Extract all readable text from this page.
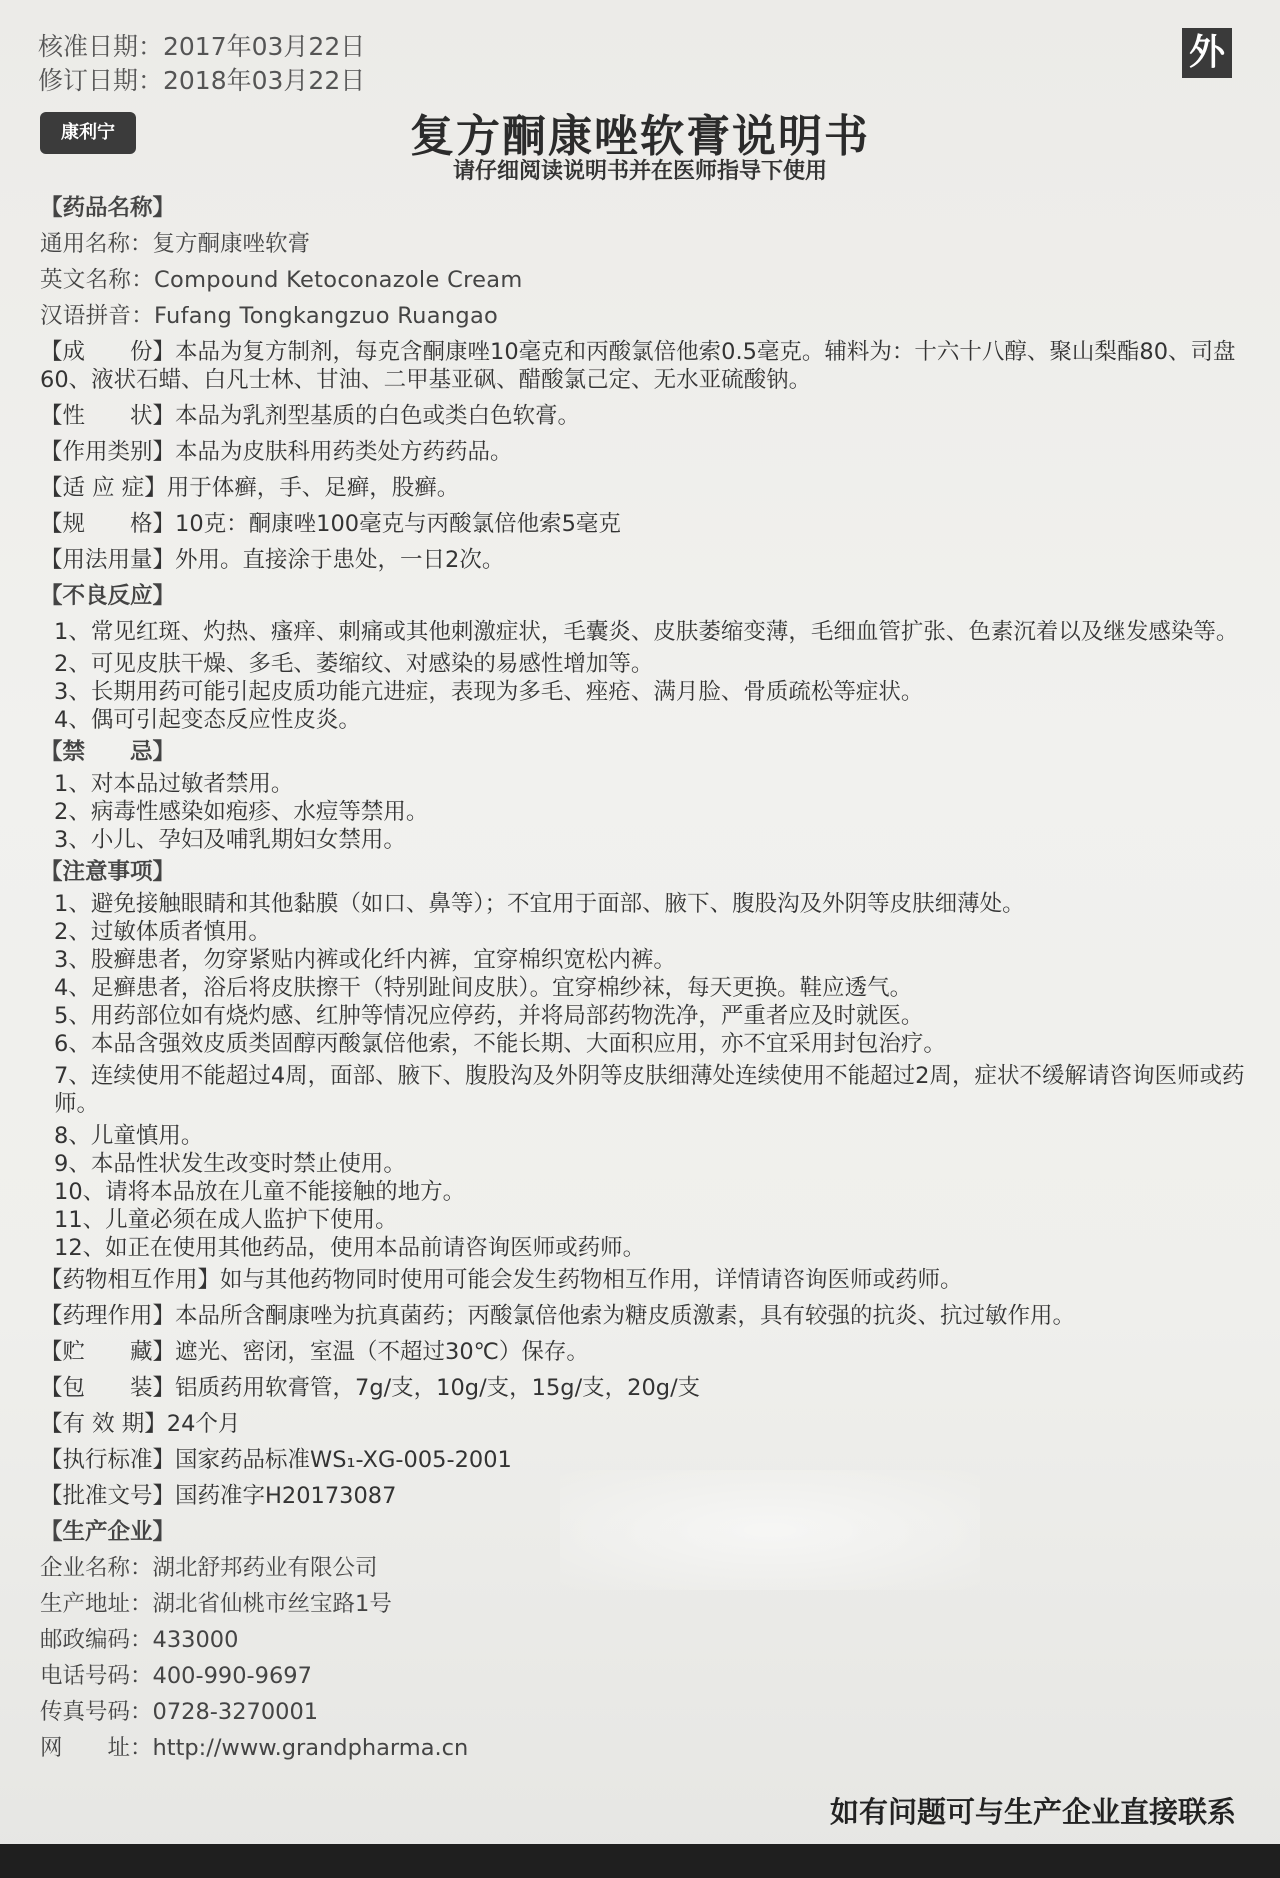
核准日期：2017年03月22日
修订日期：2018年03月22日
外
康利宁	复方酮康唑软膏说明书
请仔细阅读说明书并在医师指导下使用
【药品名称】
通用名称：复方酮康唑软膏
英文名称：Compound Ketoconazole Cream
汉语拼音：Fufang Tongkangzuo Ruangao
【成　　份】本品为复方制剂，每克含酮康唑10毫克和丙酸氯倍他索0.5毫克。辅料为：十六十八醇、聚山梨酯80、司盘60、液状石蜡、白凡士林、甘油、二甲基亚砜、醋酸氯己定、无水亚硫酸钠。
【性　　状】本品为乳剂型基质的白色或类白色软膏。
【作用类别】本品为皮肤科用药类处方药药品。
【适 应 症】用于体癣，手、足癣，股癣。
【规　　格】10克：酮康唑100毫克与丙酸氯倍他索5毫克
【用法用量】外用。直接涂于患处，一日2次。
【不良反应】
1、常见红斑、灼热、瘙痒、刺痛或其他刺激症状，毛囊炎、皮肤萎缩变薄，毛细血管扩张、色素沉着以及继发感染等。
2、可见皮肤干燥、多毛、萎缩纹、对感染的易感性增加等。
3、长期用药可能引起皮质功能亢进症，表现为多毛、痤疮、满月脸、骨质疏松等症状。
4、偶可引起变态反应性皮炎。
【禁　　忌】
1、对本品过敏者禁用。
2、病毒性感染如疱疹、水痘等禁用。
3、小儿、孕妇及哺乳期妇女禁用。
【注意事项】
1、避免接触眼睛和其他黏膜（如口、鼻等）；不宜用于面部、腋下、腹股沟及外阴等皮肤细薄处。
2、过敏体质者慎用。
3、股癣患者，勿穿紧贴内裤或化纤内裤，宜穿棉织宽松内裤。
4、足癣患者，浴后将皮肤擦干（特别趾间皮肤）。宜穿棉纱袜，每天更换。鞋应透气。
5、用药部位如有烧灼感、红肿等情况应停药，并将局部药物洗净，严重者应及时就医。
6、本品含强效皮质类固醇丙酸氯倍他索，不能长期、大面积应用，亦不宜采用封包治疗。
7、连续使用不能超过4周，面部、腋下、腹股沟及外阴等皮肤细薄处连续使用不能超过2周，症状不缓解请咨询医师或药师。
8、儿童慎用。
9、本品性状发生改变时禁止使用。
10、请将本品放在儿童不能接触的地方。
11、儿童必须在成人监护下使用。
12、如正在使用其他药品，使用本品前请咨询医师或药师。
【药物相互作用】如与其他药物同时使用可能会发生药物相互作用，详情请咨询医师或药师。
【药理作用】本品所含酮康唑为抗真菌药；丙酸氯倍他索为糖皮质激素，具有较强的抗炎、抗过敏作用。
【贮　　藏】遮光、密闭，室温（不超过30℃）保存。
【包　　装】铝质药用软膏管，7g/支，10g/支，15g/支，20g/支
【有 效 期】24个月
【执行标准】国家药品标准WS₁-XG-005-2001
【批准文号】国药准字H20173087
【生产企业】
企业名称：湖北舒邦药业有限公司
生产地址：湖北省仙桃市丝宝路1号
邮政编码：433000
电话号码：400-990-9697
传真号码：0728-3270001
网　　址：http://www.grandpharma.cn
如有问题可与生产企业直接联系
